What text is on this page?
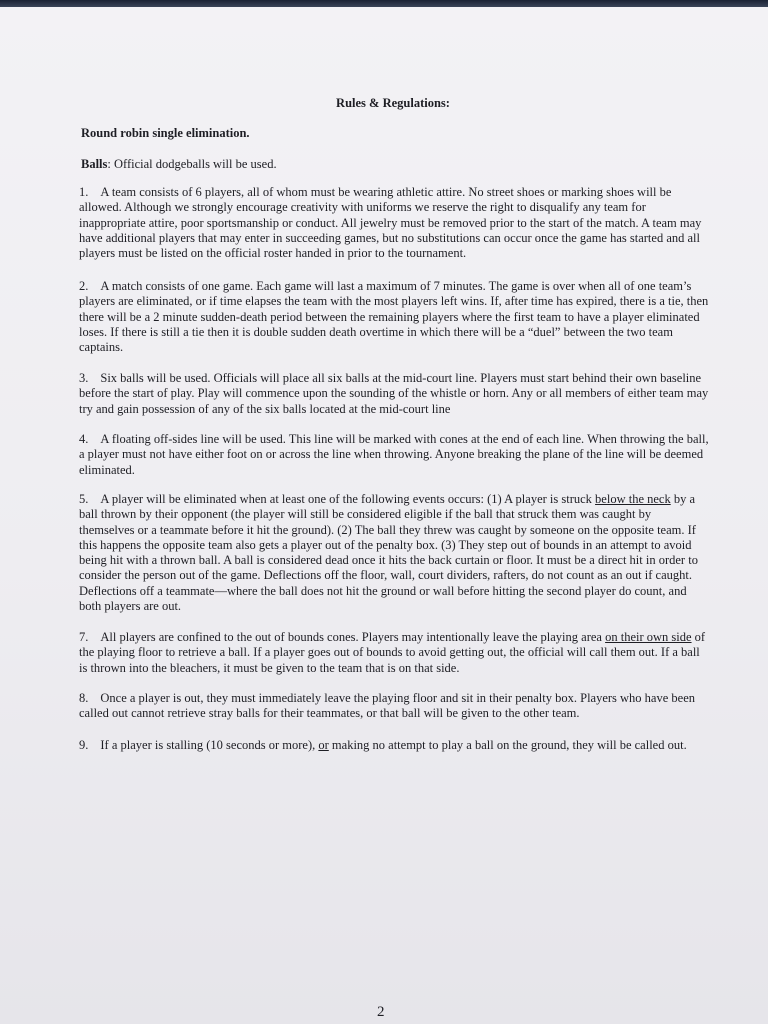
Rules & Regulations:
Round robin single elimination.
Balls: Official dodgeballs will be used.
1. A team consists of 6 players, all of whom must be wearing athletic attire. No street shoes or marking shoes will be allowed. Although we strongly encourage creativity with uniforms we reserve the right to disqualify any team for inappropriate attire, poor sportsmanship or conduct. All jewelry must be removed prior to the start of the match. A team may have additional players that may enter in succeeding games, but no substitutions can occur once the game has started and all players must be listed on the official roster handed in prior to the tournament.
2. A match consists of one game. Each game will last a maximum of 7 minutes. The game is over when all of one team’s players are eliminated, or if time elapses the team with the most players left wins. If, after time has expired, there is a tie, then there will be a 2 minute sudden-death period between the remaining players where the first team to have a player eliminated loses. If there is still a tie then it is double sudden death overtime in which there will be a “duel” between the two team captains.
3. Six balls will be used. Officials will place all six balls at the mid-court line. Players must start behind their own baseline before the start of play. Play will commence upon the sounding of the whistle or horn. Any or all members of either team may try and gain possession of any of the six balls located at the mid-court line
4. A floating off-sides line will be used. This line will be marked with cones at the end of each line. When throwing the ball, a player must not have either foot on or across the line when throwing. Anyone breaking the plane of the line will be deemed eliminated.
5. A player will be eliminated when at least one of the following events occurs: (1) A player is struck below the neck by a ball thrown by their opponent (the player will still be considered eligible if the ball that struck them was caught by themselves or a teammate before it hit the ground). (2) The ball they threw was caught by someone on the opposite team. If this happens the opposite team also gets a player out of the penalty box. (3) They step out of bounds in an attempt to avoid being hit with a thrown ball. A ball is considered dead once it hits the back curtain or floor. It must be a direct hit in order to consider the person out of the game. Deflections off the floor, wall, court dividers, rafters, do not count as an out if caught. Deflections off a teammate—where the ball does not hit the ground or wall before hitting the second player do count, and both players are out.
7. All players are confined to the out of bounds cones. Players may intentionally leave the playing area on their own side of the playing floor to retrieve a ball. If a player goes out of bounds to avoid getting out, the official will call them out. If a ball is thrown into the bleachers, it must be given to the team that is on that side.
8. Once a player is out, they must immediately leave the playing floor and sit in their penalty box. Players who have been called out cannot retrieve stray balls for their teammates, or that ball will be given to the other team.
9. If a player is stalling (10 seconds or more), or making no attempt to play a ball on the ground, they will be called out.
2
